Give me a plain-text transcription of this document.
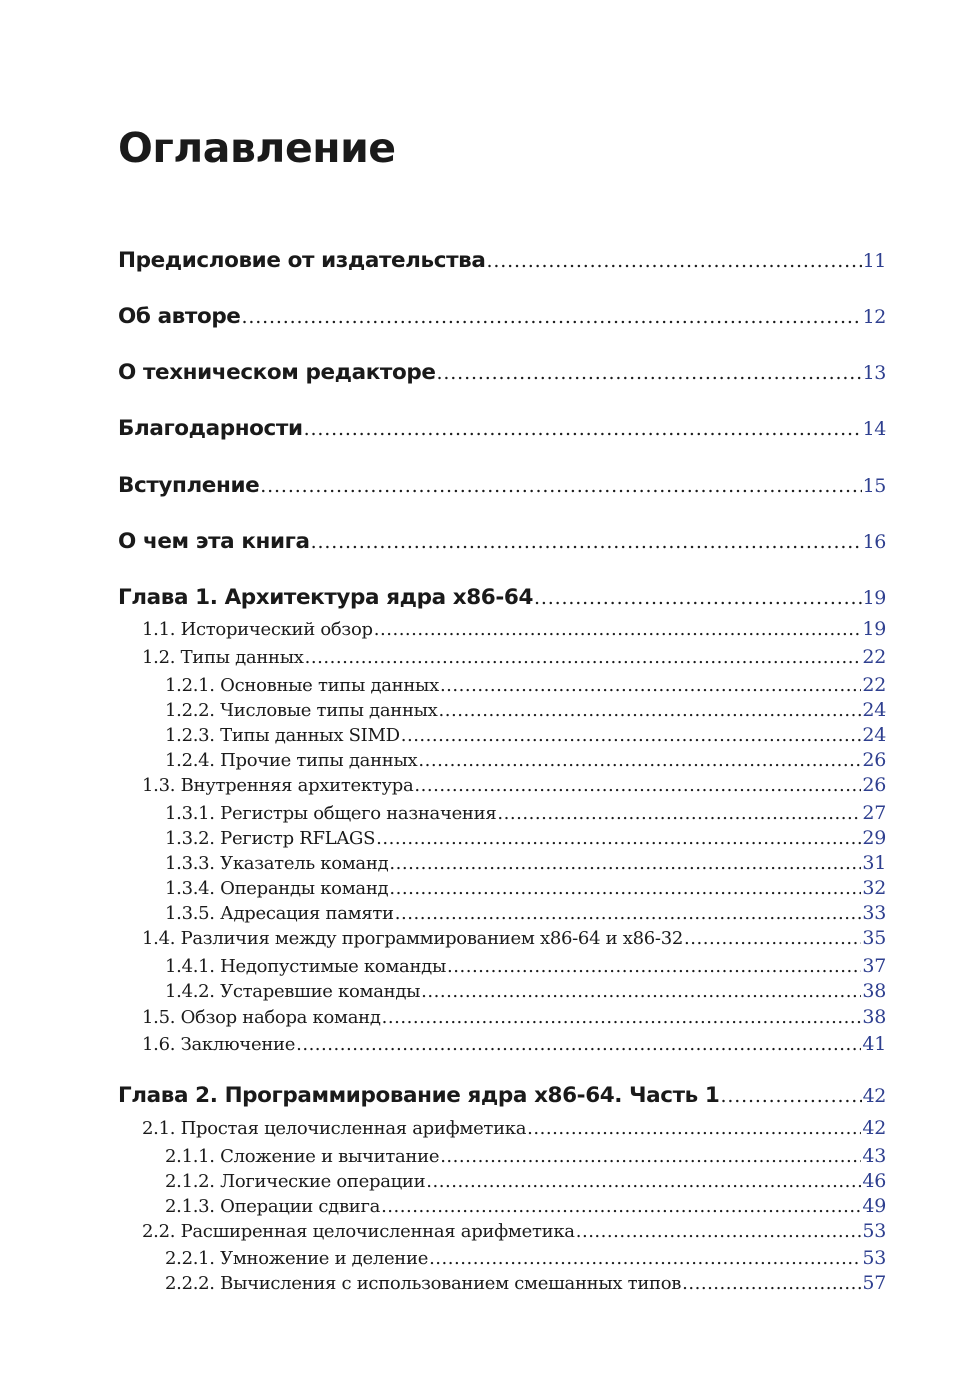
Оглавление
Предисловие от издательства . . .	11
Об авторе . . .	12
О техническом редакторе . . .	13
Благодарности . . .	14
Вступление . . .	15
О чем эта книга . . .	16
Глава 1. Архитектура ядра x86-64 . . .	19
1.1. Исторический обзор . . .	19
1.2. Типы данных . . .	22
1.2.1. Основные типы данных . . .	22
1.2.2. Числовые типы данных . . .	24
1.2.3. Типы данных SIMD . . .	24
1.2.4. Прочие типы данных . . .	26
1.3. Внутренняя архитектура . . .	26
1.3.1. Регистры общего назначения . . .	27
1.3.2. Регистр RFLAGS . . .	29
1.3.3. Указатель команд . . .	31
1.3.4. Операнды команд . . .	32
1.3.5. Адресация памяти . . .	33
1.4. Различия между программированием x86-64 и x86-32 . . .	35
1.4.1. Недопустимые команды . . .	37
1.4.2. Устаревшие команды . . .	38
1.5. Обзор набора команд . . .	38
1.6. Заключение . . .	41
Глава 2. Программирование ядра x86-64. Часть 1 . . .	42
2.1. Простая целочисленная арифметика . . .	42
2.1.1. Сложение и вычитание . . .	43
2.1.2. Логические операции . . .	46
2.1.3. Операции сдвига . . .	49
2.2. Расширенная целочисленная арифметика . . .	53
2.2.1. Умножение и деление . . .	53
2.2.2. Вычисления с использованием смешанных типов . . .	57
